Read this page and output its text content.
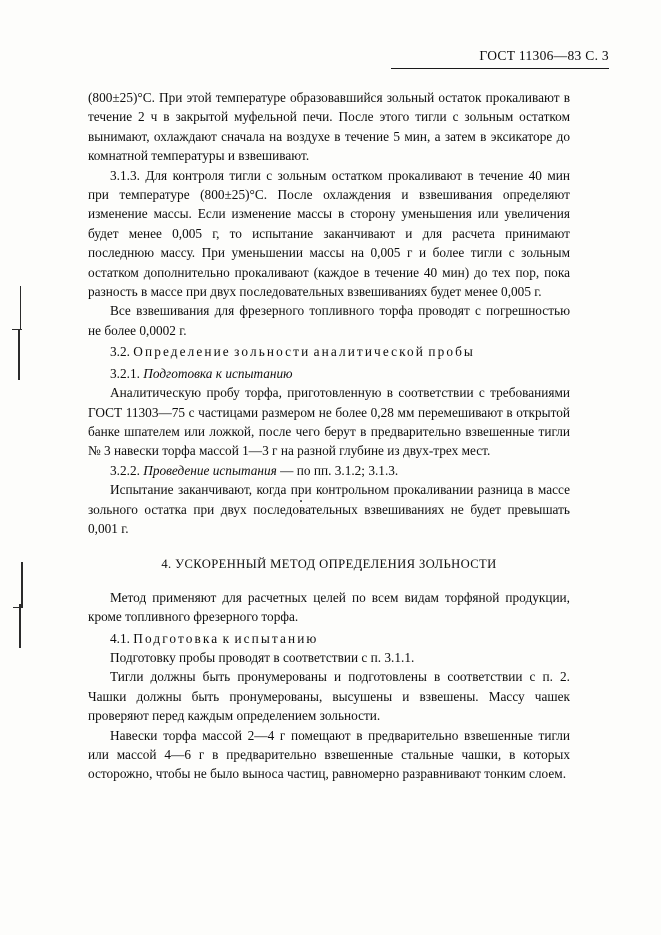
ГОСТ 11306—83 С. 3

(800±25)°С. При этой температуре образовавшийся зольный остаток прокаливают в течение 2 ч в закрытой муфельной печи. После этого тигли с зольным остатком вынимают, охлаждают сначала на воздухе в течение 5 мин, а затем в эксикаторе до комнатной температуры и взвешивают.

3.1.3. Для контроля тигли с зольным остатком прокаливают в течение 40 мин при температуре (800±25)°С. После охлаждения и взвешивания определяют изменение массы. Если изменение массы в сторону уменьшения или увеличения будет менее 0,005 г, то испытание заканчивают и для расчета принимают последнюю массу. При уменьшении массы на 0,005 г и более тигли с зольным остатком дополнительно прокаливают (каждое в течение 40 мин) до тех пор, пока разность в массе при двух последовательных взвешиваниях будет менее 0,005 г.

Все взвешивания для фрезерного топливного торфа проводят с погрешностью не более 0,0002 г.

3.2. Определение зольности аналитической пробы

3.2.1. Подготовка к испытанию

Аналитическую пробу торфа, приготовленную в соответствии с требованиями ГОСТ 11303—75 с частицами размером не более 0,28 мм перемешивают в открытой банке шпателем или ложкой, после чего берут в предварительно взвешенные тигли № 3 навески торфа массой 1—3 г на разной глубине из двух-трех мест.

3.2.2. Проведение испытания — по пп. 3.1.2; 3.1.3.

Испытание заканчивают, когда при контрольном прокаливании разница в массе зольного остатка при двух последовательных взвешиваниях не будет превышать 0,001 г.

4. УСКОРЕННЫЙ МЕТОД ОПРЕДЕЛЕНИЯ ЗОЛЬНОСТИ

Метод применяют для расчетных целей по всем видам торфяной продукции, кроме топливного фрезерного торфа.

4.1. Подготовка к испытанию

Подготовку пробы проводят в соответствии с п. 3.1.1.

Тигли должны быть пронумерованы и подготовлены в соответствии с п. 2. Чашки должны быть пронумерованы, высушены и взвешены. Массу чашек проверяют перед каждым определением зольности.

Навески торфа массой 2—4 г помещают в предварительно взвешенные тигли или массой 4—6 г в предварительно взвешенные стальные чашки, в которых осторожно, чтобы не было выноса частиц, равномерно разравнивают тонким слоем.
